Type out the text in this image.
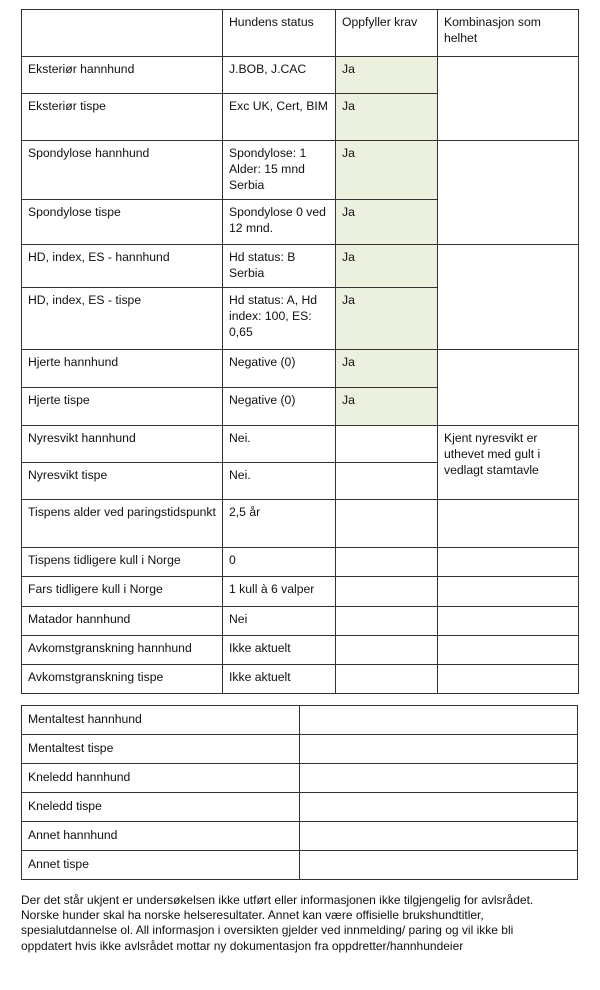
	Hundens status	Oppfyller krav	Kombinasjon som helhet
Eksteriør hannhund	J.BOB, J.CAC	Ja	
Eksteriør tispe	Exc UK, Cert, BIM	Ja	
Spondylose hannhund	Spondylose: 1 Alder: 15 mnd Serbia	Ja	
Spondylose tispe	Spondylose 0 ved 12 mnd.	Ja	
HD, index, ES - hannhund	Hd status: B Serbia	Ja	
HD, index, ES - tispe	Hd status: A, Hd index: 100, ES: 0,65	Ja	
Hjerte hannhund	Negative (0)	Ja	
Hjerte tispe	Negative (0)	Ja	
Nyresvikt hannhund	Nei.		Kjent nyresvikt er uthevet med gult i vedlagt stamtavle
Nyresvikt tispe	Nei.		
Tispens alder ved paringstidspunkt	2,5 år		
Tispens tidligere kull i Norge	0		
Fars tidligere kull i Norge	1 kull à 6 valper		
Matador hannhund	Nei		
Avkomstgranskning hannhund	Ikke aktuelt		
Avkomstgranskning tispe	Ikke aktuelt		
Mentaltest hannhund	
Mentaltest tispe	
Kneledd hannhund	
Kneledd tispe	
Annet hannhund	
Annet tispe	

Der det står ukjent er undersøkelsen ikke utført eller informasjonen ikke tilgjengelig for avlsrådet. Norske hunder skal ha norske helseresultater. Annet kan være offisielle brukshundtitler, spesialutdannelse ol. All informasjon i oversikten gjelder ved innmelding/ paring og vil ikke bli oppdatert hvis ikke avlsrådet mottar ny dokumentasjon fra oppdretter/hannhundeier
